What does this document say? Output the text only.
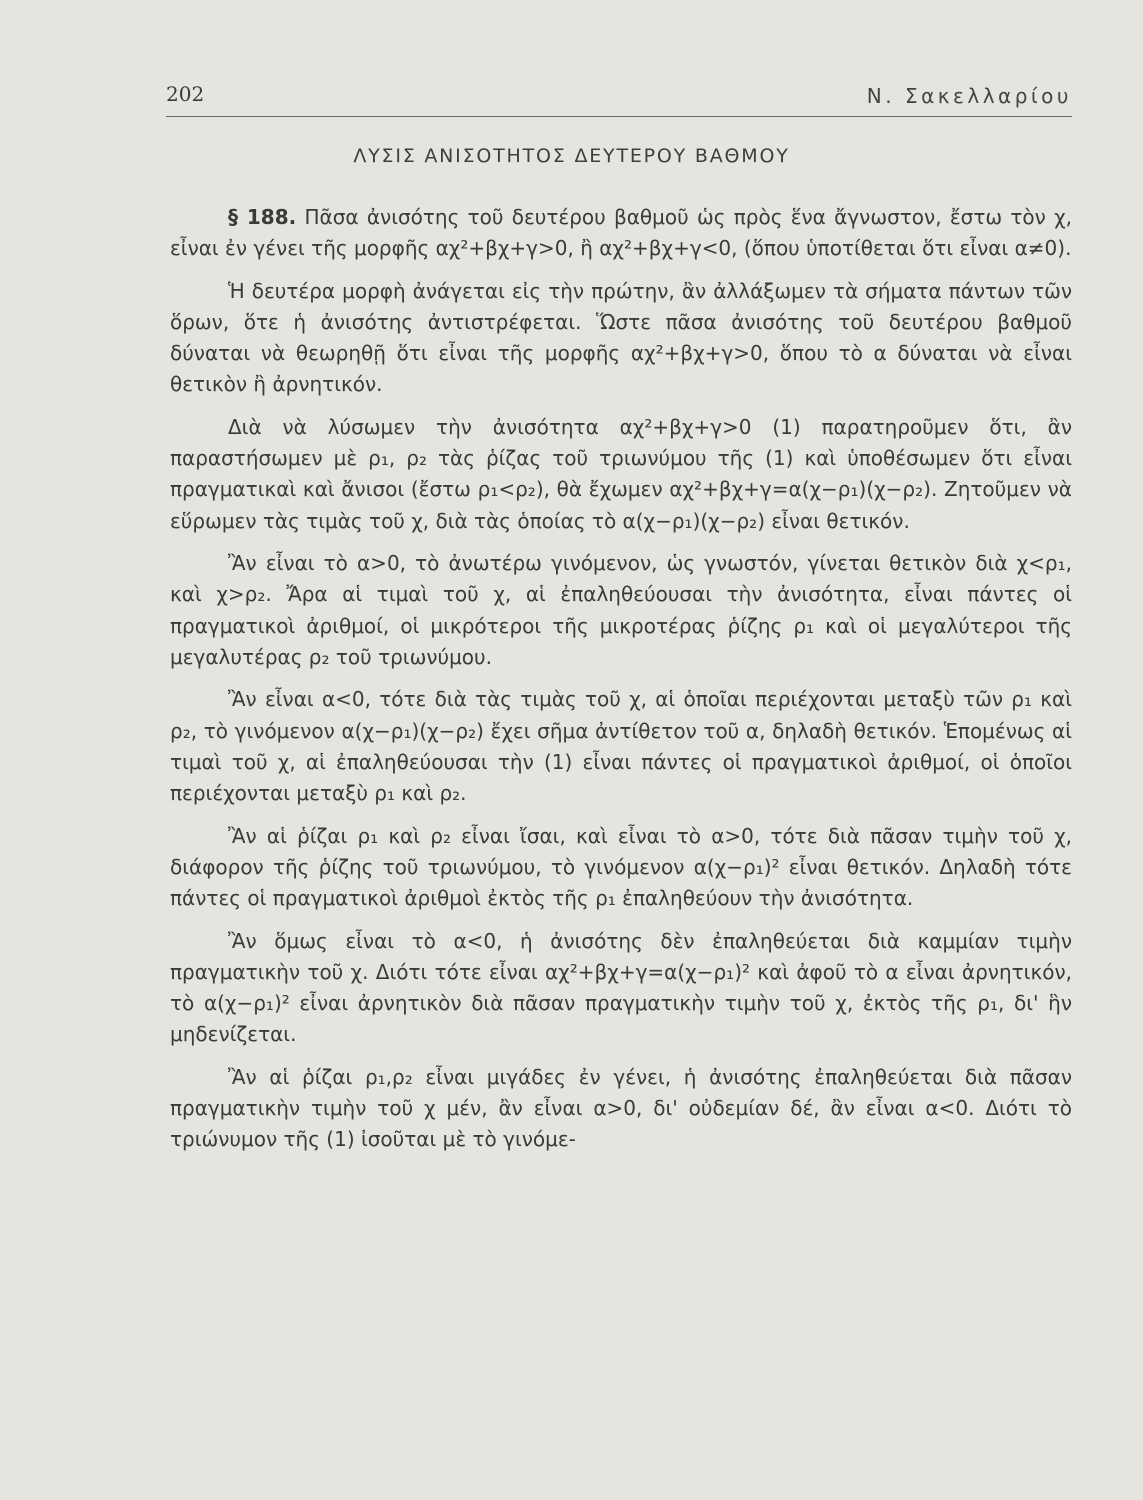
202	Ν. Σακελλαρίου
ΛΥΣΙΣ ΑΝΙΣΟΤΗΤΟΣ ΔΕΥΤΕΡΟΥ ΒΑΘΜΟΥ

§ 188. Πᾶσα ἀνισότης τοῦ δευτέρου βαθμοῦ ὡς πρὸς ἕνα ἄγνωστον, ἔστω τὸν χ, εἶναι ἐν γένει τῆς μορφῆς αχ²+βχ+γ>0, ἢ αχ²+βχ+γ<0, (ὅπου ὑποτίθεται ὅτι εἶναι α≠0).

Ἡ δευτέρα μορφὴ ἀνάγεται εἰς τὴν πρώτην, ἂν ἀλλάξωμεν τὰ σήματα πάντων τῶν ὅρων, ὅτε ἡ ἀνισότης ἀντιστρέφεται. Ὥστε πᾶσα ἀνισότης τοῦ δευτέρου βαθμοῦ δύναται νὰ θεωρηθῇ ὅτι εἶναι τῆς μορφῆς αχ²+βχ+γ>0, ὅπου τὸ α δύναται νὰ εἶναι θετικὸν ἢ ἀρνητικόν.

Διὰ νὰ λύσωμεν τὴν ἀνισότητα αχ²+βχ+γ>0 (1) παρατηροῦμεν ὅτι, ἂν παραστήσωμεν μὲ ρ₁, ρ₂ τὰς ῥίζας τοῦ τριωνύμου τῆς (1) καὶ ὑποθέσωμεν ὅτι εἶναι πραγματικαὶ καὶ ἄνισοι (ἔστω ρ₁<ρ₂), θὰ ἔχωμεν αχ²+βχ+γ=α(χ−ρ₁)(χ−ρ₂). Ζητοῦμεν νὰ εὕρωμεν τὰς τιμὰς τοῦ χ, διὰ τὰς ὁποίας τὸ α(χ−ρ₁)(χ−ρ₂) εἶναι θετικόν.

Ἂν εἶναι τὸ α>0, τὸ ἀνωτέρω γινόμενον, ὡς γνωστόν, γίνεται θετικὸν διὰ χ<ρ₁, καὶ χ>ρ₂. Ἄρα αἱ τιμαὶ τοῦ χ, αἱ ἐπαληθεύουσαι τὴν ἀνισότητα, εἶναι πάντες οἱ πραγματικοὶ ἀριθμοί, οἱ μικρότεροι τῆς μικροτέρας ῥίζης ρ₁ καὶ οἱ μεγαλύτεροι τῆς μεγαλυτέρας ρ₂ τοῦ τριωνύμου.

Ἂν εἶναι α<0, τότε διὰ τὰς τιμὰς τοῦ χ, αἱ ὁποῖαι περιέχονται μεταξὺ τῶν ρ₁ καὶ ρ₂, τὸ γινόμενον α(χ−ρ₁)(χ−ρ₂) ἔχει σῆμα ἀντίθετον τοῦ α, δηλαδὴ θετικόν. Ἑπομένως αἱ τιμαὶ τοῦ χ, αἱ ἐπαληθεύουσαι τὴν (1) εἶναι πάντες οἱ πραγματικοὶ ἀριθμοί, οἱ ὁποῖοι περιέχονται μεταξὺ ρ₁ καὶ ρ₂.

Ἂν αἱ ῥίζαι ρ₁ καὶ ρ₂ εἶναι ἴσαι, καὶ εἶναι τὸ α>0, τότε διὰ πᾶσαν τιμὴν τοῦ χ, διάφορον τῆς ῥίζης τοῦ τριωνύμου, τὸ γινόμενον α(χ−ρ₁)² εἶναι θετικόν. Δηλαδὴ τότε πάντες οἱ πραγματικοὶ ἀριθμοὶ ἐκτὸς τῆς ρ₁ ἐπαληθεύουν τὴν ἀνισότητα.

Ἂν ὅμως εἶναι τὸ α<0, ἡ ἀνισότης δὲν ἐπαληθεύεται διὰ καμμίαν τιμὴν πραγματικὴν τοῦ χ. Διότι τότε εἶναι αχ²+βχ+γ=α(χ−ρ₁)² καὶ ἀφοῦ τὸ α εἶναι ἀρνητικόν, τὸ α(χ−ρ₁)² εἶναι ἀρνητικὸν διὰ πᾶσαν πραγματικὴν τιμὴν τοῦ χ, ἐκτὸς τῆς ρ₁, δι' ἣν μηδενίζεται.

Ἂν αἱ ῥίζαι ρ₁,ρ₂ εἶναι μιγάδες ἐν γένει, ἡ ἀνισότης ἐπαληθεύεται διὰ πᾶσαν πραγματικὴν τιμὴν τοῦ χ μέν, ἂν εἶναι α>0, δι' οὐδεμίαν δέ, ἂν εἶναι α<0. Διότι τὸ τριώνυμον τῆς (1) ἰσοῦται μὲ τὸ γινόμε-
